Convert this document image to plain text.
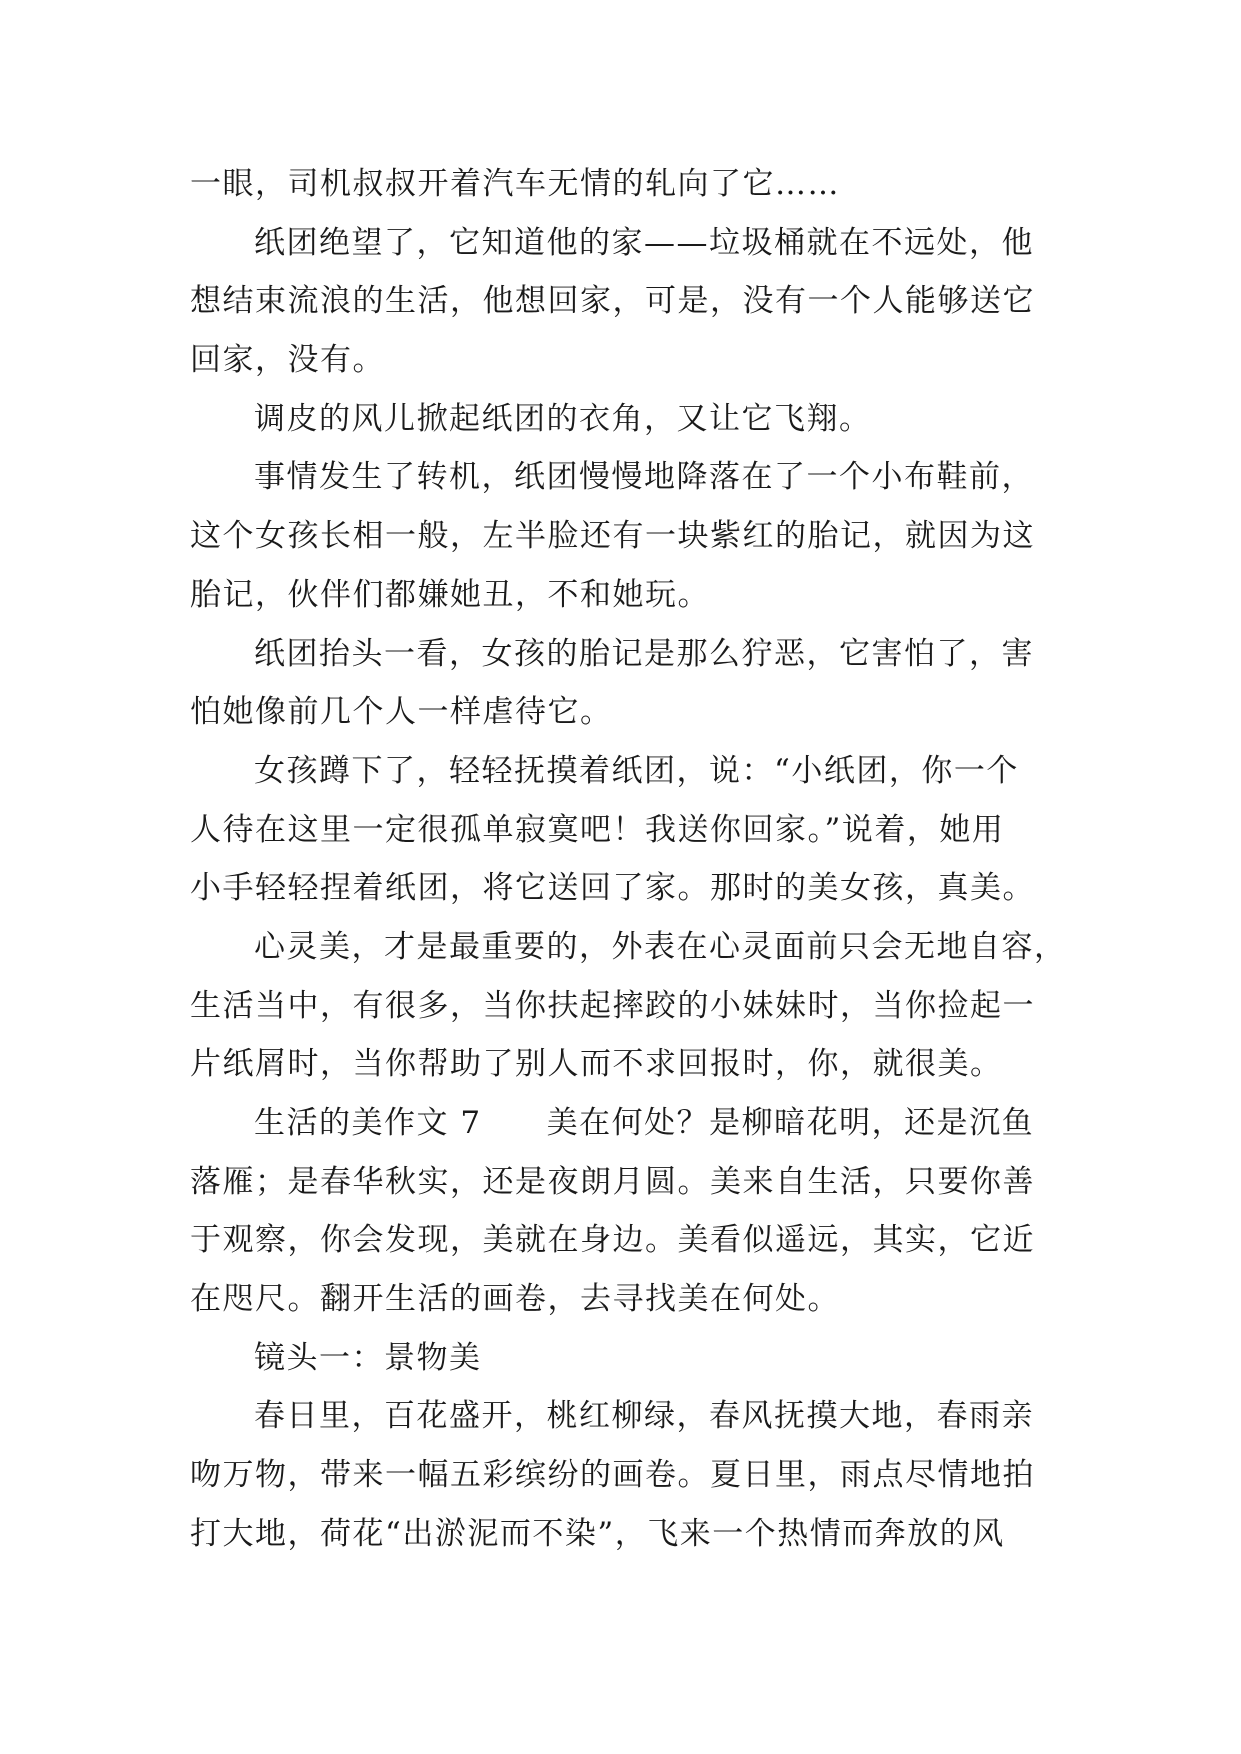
一眼，司机叔叔开着汽车无情的轧向了它……
纸团绝望了，它知道他的家——垃圾桶就在不远处，他
想结束流浪的生活，他想回家，可是，没有一个人能够送它
回家，没有。
调皮的风儿掀起纸团的衣角，又让它飞翔。
事情发生了转机，纸团慢慢地降落在了一个小布鞋前，
这个女孩长相一般，左半脸还有一块紫红的胎记，就因为这
胎记，伙伴们都嫌她丑，不和她玩。
纸团抬头一看，女孩的胎记是那么狞恶，它害怕了，害
怕她像前几个人一样虐待它。
女孩蹲下了，轻轻抚摸着纸团，说：“小纸团，你一个
人待在这里一定很孤单寂寞吧！我送你回家。”说着，她用
小手轻轻捏着纸团，将它送回了家。那时的美女孩，真美。
心灵美，才是最重要的，外表在心灵面前只会无地自容，
生活当中，有很多，当你扶起摔跤的小妹妹时，当你捡起一
片纸屑时，当你帮助了别人而不求回报时，你，就很美。
生活的美作文 7　　美在何处？是柳暗花明，还是沉鱼
落雁；是春华秋实，还是夜朗月圆。美来自生活，只要你善
于观察，你会发现，美就在身边。美看似遥远，其实，它近
在咫尺。翻开生活的画卷，去寻找美在何处。
镜头一：景物美
春日里，百花盛开，桃红柳绿，春风抚摸大地，春雨亲
吻万物，带来一幅五彩缤纷的画卷。夏日里，雨点尽情地拍
打大地，荷花“出淤泥而不染”，飞来一个热情而奔放的风
